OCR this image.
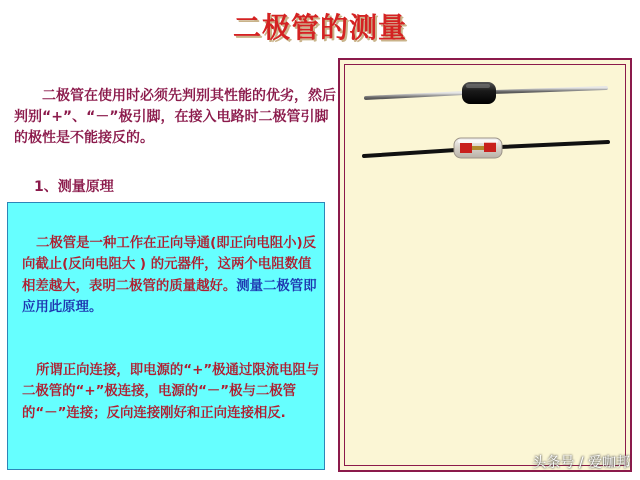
二极管的测量

二极管在使用时必须先判别其性能的优劣，然后判别“+”、“－”极引脚，在接入电路时二极管引脚的极性是不能接反的。

1、测量原理

二极管是一种工作在正向导通(即正向电阻小)反向截止(反向电阻大 ) 的元器件，这两个电阻数值相差越大，表明二极管的质量越好。测量二极管即应用此原理。

所谓正向连接，即电源的“+”极通过限流电阻与二极管的“+”极连接，电源的“－”极与二极管的“－”连接；反向连接刚好和正向连接相反.

头条号 / 爱咖邦
